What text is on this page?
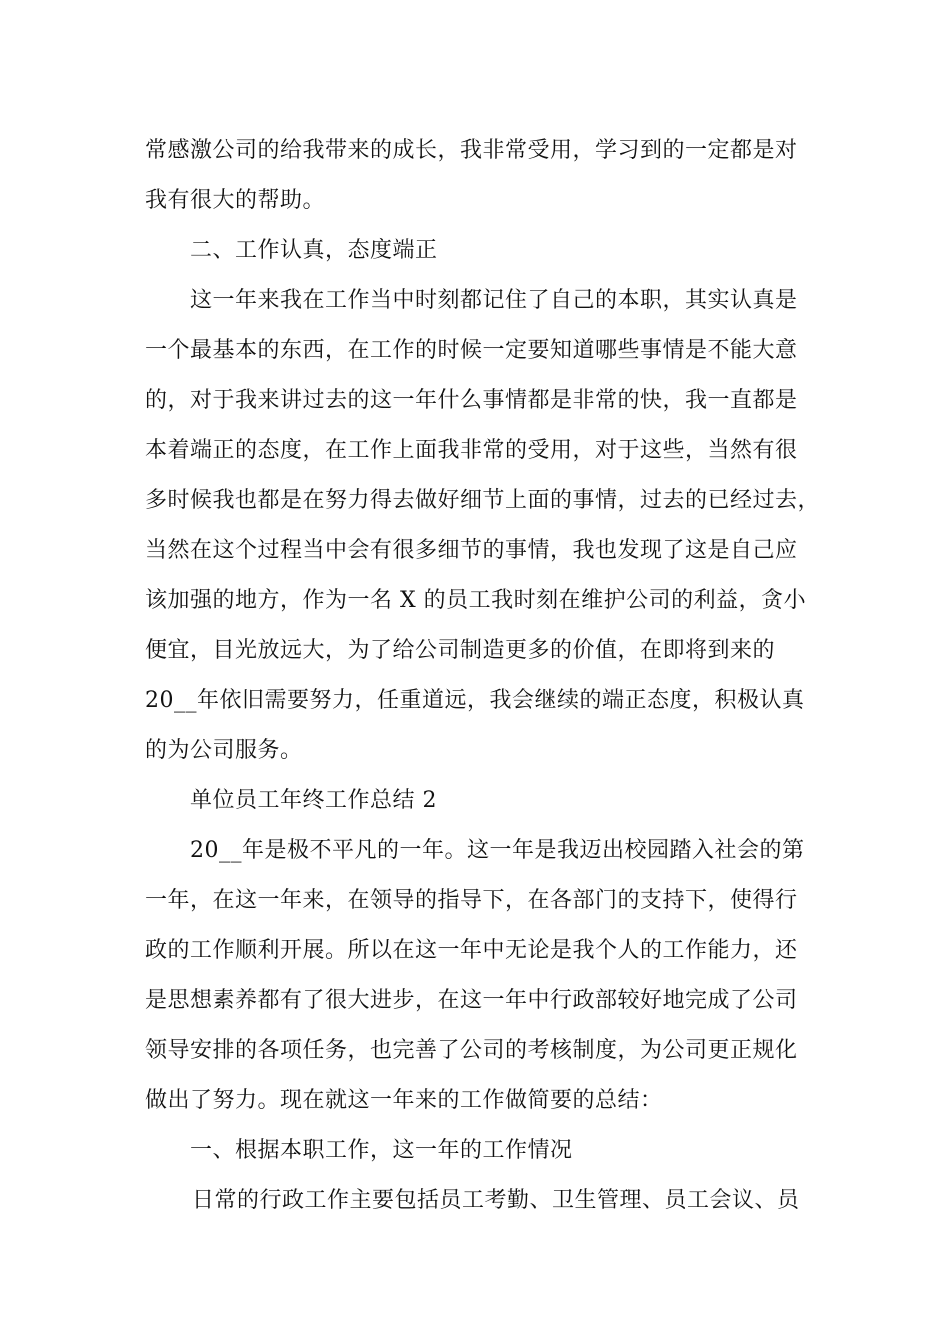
常感激公司的给我带来的成长，我非常受用，学习到的一定都是对
我有很大的帮助。
二、工作认真，态度端正
这一年来我在工作当中时刻都记住了自己的本职，其实认真是
一个最基本的东西，在工作的时候一定要知道哪些事情是不能大意
的，对于我来讲过去的这一年什么事情都是非常的快，我一直都是
本着端正的态度，在工作上面我非常的受用，对于这些，当然有很
多时候我也都是在努力得去做好细节上面的事情，过去的已经过去，
当然在这个过程当中会有很多细节的事情，我也发现了这是自己应
该加强的地方，作为一名 X 的员工我时刻在维护公司的利益，贪小
便宜，目光放远大，为了给公司制造更多的价值，在即将到来的
20__年依旧需要努力，任重道远，我会继续的端正态度，积极认真
的为公司服务。
单位员工年终工作总结 2
20__年是极不平凡的一年。这一年是我迈出校园踏入社会的第
一年，在这一年来，在领导的指导下，在各部门的支持下，使得行
政的工作顺利开展。所以在这一年中无论是我个人的工作能力，还
是思想素养都有了很大进步，在这一年中行政部较好地完成了公司
领导安排的各项任务，也完善了公司的考核制度，为公司更正规化
做出了努力。现在就这一年来的工作做简要的总结：
一、根据本职工作，这一年的工作情况
日常的行政工作主要包括员工考勤、卫生管理、员工会议、员
